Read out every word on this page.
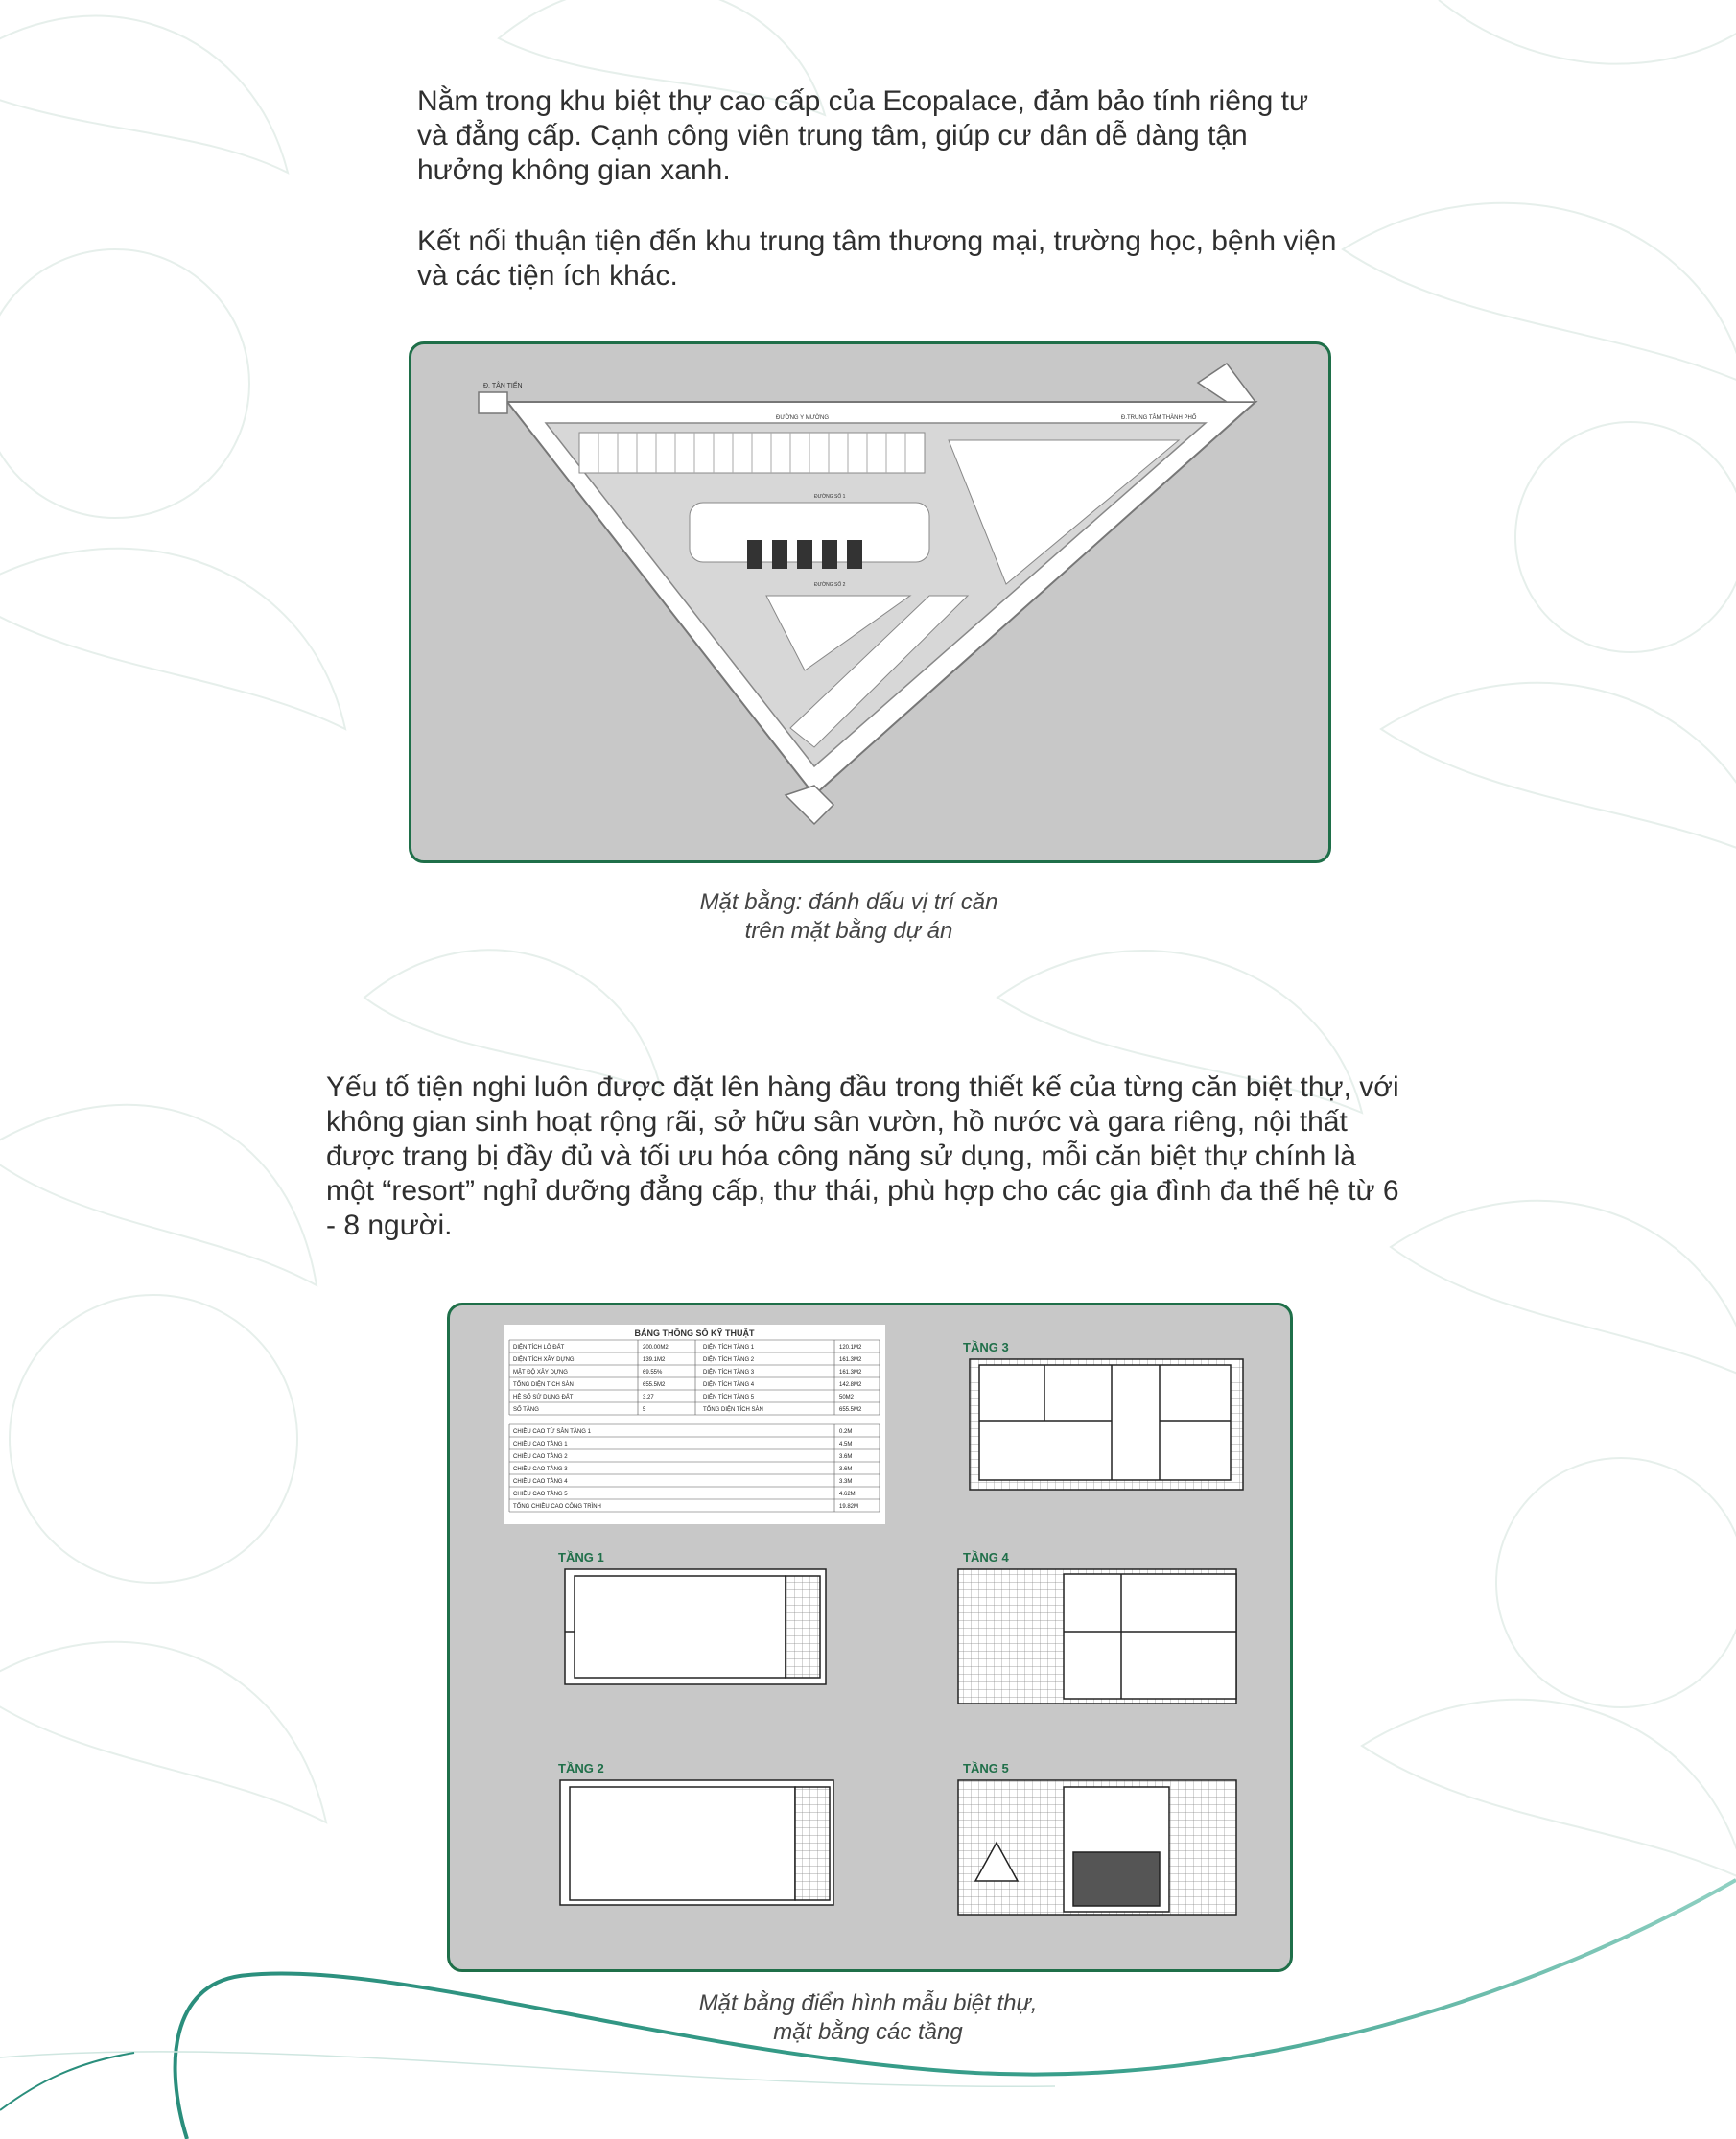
Nằm trong khu biệt thự cao cấp của Ecopalace, đảm bảo tính riêng tư và đẳng cấp. Cạnh công viên trung tâm, giúp cư dân dễ dàng tận hưởng không gian xanh.

Kết nối thuận tiện đến khu trung tâm thương mại, trường học, bệnh viện và các tiện ích khác.

Đ. TÂN TIẾN
ĐƯỜNG Y MƯỜNG	Đ.TRUNG TÂM THÀNH PHỐ
ĐƯỜNG SỐ 1
ĐƯỜNG SỐ 2
Mặt bằng: đánh dấu vị trí căn
trên mặt bằng dự án

Yếu tố tiện nghi luôn được đặt lên hàng đầu trong thiết kế của từng căn biệt thự, với không gian sinh hoạt rộng rãi, sở hữu sân vườn, hồ nước và gara riêng, nội thất được trang bị đầy đủ và tối ưu hóa công năng sử dụng, mỗi căn biệt thự chính là một “resort” nghỉ dưỡng đẳng cấp, thư thái, phù hợp cho các gia đình đa thế hệ từ 6 - 8 người.

BẢNG THÔNG SỐ KỸ THUẬT
DIỆN TÍCH LÔ ĐẤT	200.00M2	DIỆN TÍCH TẦNG 1	120.1M2
DIỆN TÍCH XÂY DỰNG	139.1M2	DIỆN TÍCH TẦNG 2	161.3M2
MẬT ĐỘ XÂY DỰNG	69.55%	DIỆN TÍCH TẦNG 3	161.3M2
TỔNG DIỆN TÍCH SÀN	655.5M2	DIỆN TÍCH TẦNG 4	142.8M2
HỆ SỐ SỬ DỤNG ĐẤT	3.27	DIỆN TÍCH TẦNG 5	50M2
SỐ TẦNG	5	TỔNG DIỆN TÍCH SÀN	655.5M2
CHIỀU CAO TỪ SÂN TẦNG 1	0.2M
CHIỀU CAO TẦNG 1	4.5M
CHIỀU CAO TẦNG 2	3.6M
CHIỀU CAO TẦNG 3	3.6M
CHIỀU CAO TẦNG 4	3.3M
CHIỀU CAO TẦNG 5	4.62M
TỔNG CHIỀU CAO CÔNG TRÌNH	19.82M
TẦNG 3
TẦNG 1	TẦNG 4
TẦNG 2	TẦNG 5
Mặt bằng điển hình mẫu biệt thự,
mặt bằng các tầng
